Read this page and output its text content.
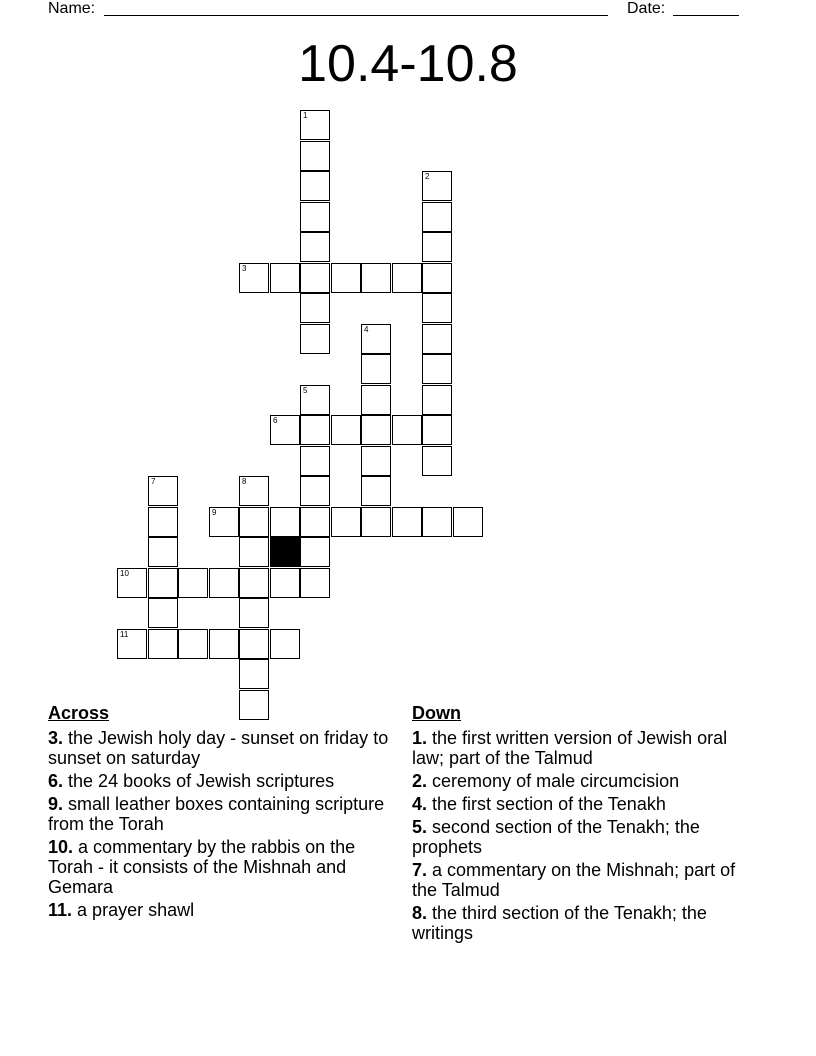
Name:	Date:
10.4-10.8
1
2
3
4
5
6
7	8
9
10
11
Across
3. the Jewish holy day - sunset on friday to sunset on saturday
6. the 24 books of Jewish scriptures
9. small leather boxes containing scripture from the Torah
10. a commentary by the rabbis on the Torah - it consists of the Mishnah and Gemara
11. a prayer shawl
Down
1. the first written version of Jewish oral law; part of the Talmud
2. ceremony of male circumcision
4. the first section of the Tenakh
5. second section of the Tenakh; the prophets
7. a commentary on the Mishnah; part of the Talmud
8. the third section of the Tenakh; the writings
